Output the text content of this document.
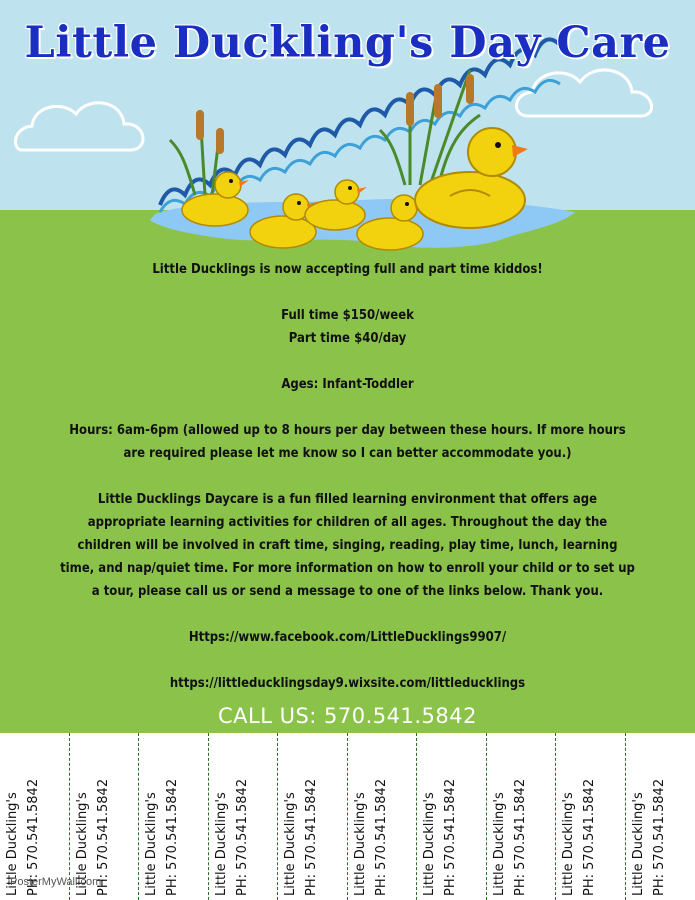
Little Duckling's Day Care

Little Ducklings is now accepting full and part time kiddos!

Full time $150/week

Part time $40/day

Ages: Infant-Toddler

Hours: 6am-6pm (allowed up to 8 hours per day between these hours. If more hours are required please let me know so I can better accommodate you.)

Little Ducklings Daycare is a fun filled learning environment that offers age appropriate learning activities for children of all ages. Throughout the day the children will be involved in craft time, singing, reading, play time, lunch, learning time, and nap/quiet time. For more information on how to enroll your child or to set up a tour, please call us or send a message to one of the links below. Thank you.

Https://www.facebook.com/LittleDucklings9907/

https://littleducklingsday9.wixsite.com/littleducklings

CALL US: 570.541.5842
Little Duckling's PH: 570.541.5842	Little Duckling's PH: 570.541.5842	Little Duckling's PH: 570.541.5842	Little Duckling's PH: 570.541.5842	Little Duckling's PH: 570.541.5842	Little Duckling's PH: 570.541.5842	Little Duckling's PH: 570.541.5842	Little Duckling's PH: 570.541.5842	Little Duckling's PH: 570.541.5842	Little Duckling's PH: 570.541.5842
PosterMyWall.com
